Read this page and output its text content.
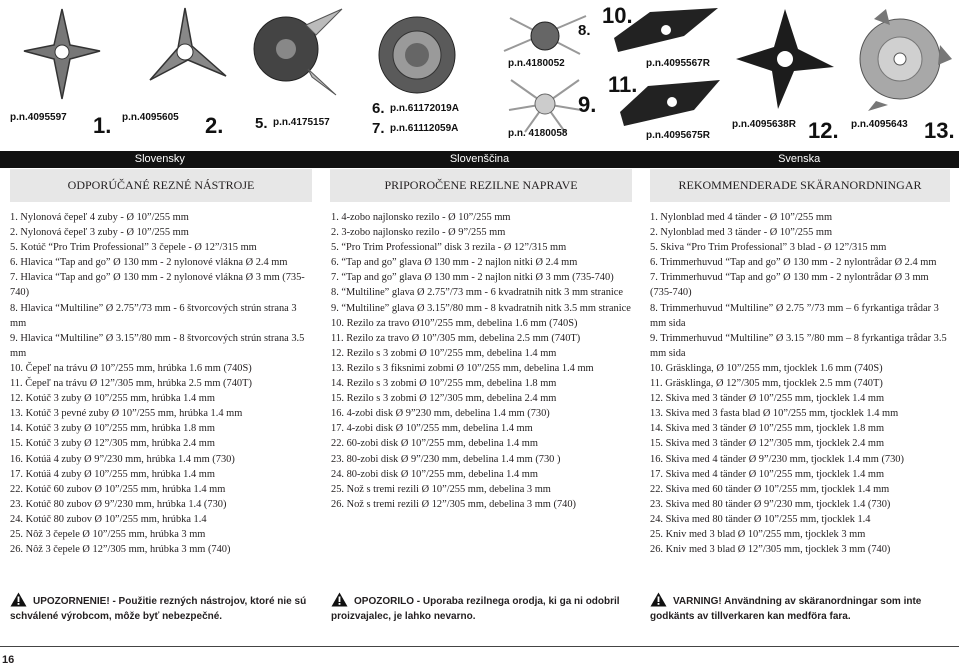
p.n.4095597 1. p.n.4095605 2. 5. p.n.4175157
6. p.n.61172019A
7. p.n.61112059A
8.
p.n.4180052
9.
p.n. 4180058
10.
p.n.4095567R
11.
p.n.4095675R
p.n.4095638R 12. p.n.4095643 13.
Slovensky	Slovenščina	Svenska
ODPORÚČANÉ REZNÉ NÁSTROJE	PRIPOROČENE REZILNE NAPRAVE	REKOMMENDERADE SKÄRANORDNINGAR

1. Nylonová čepeľ 4 zuby - Ø 10”/255 mm

2. Nylonová čepeľ 3 zuby - Ø 10”/255 mm

5. Kotúč “Pro Trim Professional” 3 čepele - Ø 12”/315 mm

6. Hlavica “Tap and go” Ø 130 mm - 2 nylonové vlákna Ø 2.4 mm

7. Hlavica “Tap and go” Ø 130 mm - 2 nylonové vlákna Ø 3 mm (735-740)

8. Hlavica “Multiline” Ø 2.75”/73 mm - 6 štvorcových strún strana 3 mm

9. Hlavica “Multiline” Ø 3.15”/80 mm - 8 štvorcových strún strana 3.5 mm

10. Čepeľ na trávu Ø 10”/255 mm, hrúbka 1.6 mm (740S)

11. Čepeľ na trávu Ø 12”/305 mm, hrúbka 2.5 mm (740T)

12. Kotúč 3 zuby Ø 10”/255 mm, hrúbka 1.4 mm

13. Kotúč 3 pevné zuby Ø 10”/255 mm, hrúbka 1.4 mm

14. Kotúč 3 zuby Ø 10”/255 mm, hrúbka 1.8 mm

15. Kotúč 3 zuby Ø 12”/305 mm, hrúbka 2.4 mm

16. Kotúä 4 zuby Ø 9”/230 mm, hrúbka 1.4 mm (730)

17. Kotúä 4 zuby Ø 10”/255 mm, hrúbka 1.4 mm

22. Kotúč 60 zubov Ø 10”/255 mm, hrúbka 1.4 mm

23. Kotúč 80 zubov Ø 9”/230 mm, hrúbka 1.4 (730)

24. Kotúč 80 zubov Ø 10”/255 mm, hrúbka 1.4

25. Nôž 3 čepele Ø 10”/255 mm, hrúbka 3 mm

26. Nôž 3 čepele Ø 12”/305 mm, hrúbka 3 mm (740)

1. 4-zobo najlonsko rezilo - Ø 10”/255 mm

2. 3-zobo najlonsko rezilo - Ø 9”/255 mm

5. “Pro Trim Professional” disk 3 rezila - Ø 12”/315 mm

6. “Tap and go” glava Ø 130 mm - 2 najlon nitki Ø 2.4 mm

7. “Tap and go” glava Ø 130 mm - 2 najlon nitki Ø 3 mm (735-740)

8. “Multiline” glava Ø 2.75”/73 mm - 6 kvadratnih nitk 3 mm stranice

9. “Multiline” glava Ø 3.15”/80 mm - 8 kvadratnih nitk 3.5 mm stranice

10. Rezilo za travo Ø10”/255 mm, debelina 1.6 mm (740S)

11. Rezilo za travo Ø 10”/305 mm, debelina 2.5 mm (740T)

12. Rezilo s 3 zobmi Ø 10”/255 mm, debelina 1.4 mm

13. Rezilo s 3 fiksnimi zobmi Ø 10”/255 mm, debelina 1.4 mm

14. Rezilo s 3 zobmi Ø 10”/255 mm, debelina 1.8 mm

15. Rezilo s 3 zobmi Ø 12”/305 mm, debelina 2.4 mm

16. 4-zobi disk Ø 9”230 mm, debelina 1.4 mm (730)

17. 4-zobi disk Ø 10”/255 mm, debelina 1.4 mm

22. 60-zobi disk Ø 10”/255 mm, debelina 1.4 mm

23. 80-zobi disk Ø 9”/230 mm, debelina 1.4 mm (730 )

24. 80-zobi disk Ø 10”/255 mm, debelina 1.4 mm

25. Nož s tremi rezili Ø 10”/255 mm, debelina 3 mm

26. Nož s tremi rezili Ø 12”/305 mm, debelina 3 mm (740)

1. Nylonblad med 4 tänder - Ø 10”/255 mm

2. Nylonblad med 3 tänder - Ø 10”/255 mm

5. Skiva “Pro Trim Professional” 3 blad - Ø 12”/315 mm

6. Trimmerhuvud “Tap and go” Ø 130 mm - 2 nylontrådar Ø 2.4 mm

7. Trimmerhuvud “Tap and go” Ø 130 mm - 2 nylontrådar Ø 3 mm (735-740)

8. Trimmerhuvud “Multiline” Ø 2.75 ”/73 mm – 6 fyrkantiga trådar 3 mm sida

9. Trimmerhuvud “Multiline” Ø 3.15 ”/80 mm – 8 fyrkantiga trådar 3.5 mm sida

10. Gräsklinga, Ø 10”/255 mm, tjocklek 1.6 mm (740S)

11. Gräsklinga, Ø 12”/305 mm, tjocklek 2.5 mm (740T)

12. Skiva med 3 tänder Ø 10”/255 mm, tjocklek 1.4 mm

13. Skiva med 3 fasta blad Ø 10”/255 mm, tjocklek 1.4 mm

14. Skiva med 3 tänder Ø 10”/255 mm, tjocklek 1.8 mm

15. Skiva med 3 tänder Ø 12”/305 mm, tjocklek 2.4 mm

16. Skiva med 4 tänder Ø 9”/230 mm, tjocklek 1.4 mm (730)

17. Skiva med 4 tänder Ø 10”/255 mm, tjocklek 1.4 mm

22. Skiva med 60 tänder Ø 10”/255 mm, tjocklek 1.4 mm

23. Skiva med 80 tänder Ø 9”/230 mm, tjocklek 1.4 (730)

24. Skiva med 80 tänder Ø 10”/255 mm, tjocklek 1.4

25. Kniv med 3 blad Ø 10”/255 mm, tjocklek 3 mm

26. Kniv med 3 blad Ø 12”/305 mm, tjocklek 3 mm (740)

UPOZORNENIE! - Použitie rezných nástrojov, ktoré nie sú schválené výrobcom, môže byť nebezpečné.
OPOZORILO - Uporaba rezilnega orodja, ki ga ni odobril proizvajalec, je lahko nevarno.
VARNING! Användning av skäranordningar som inte godkänts av tillverkaren kan medföra fara.
16
